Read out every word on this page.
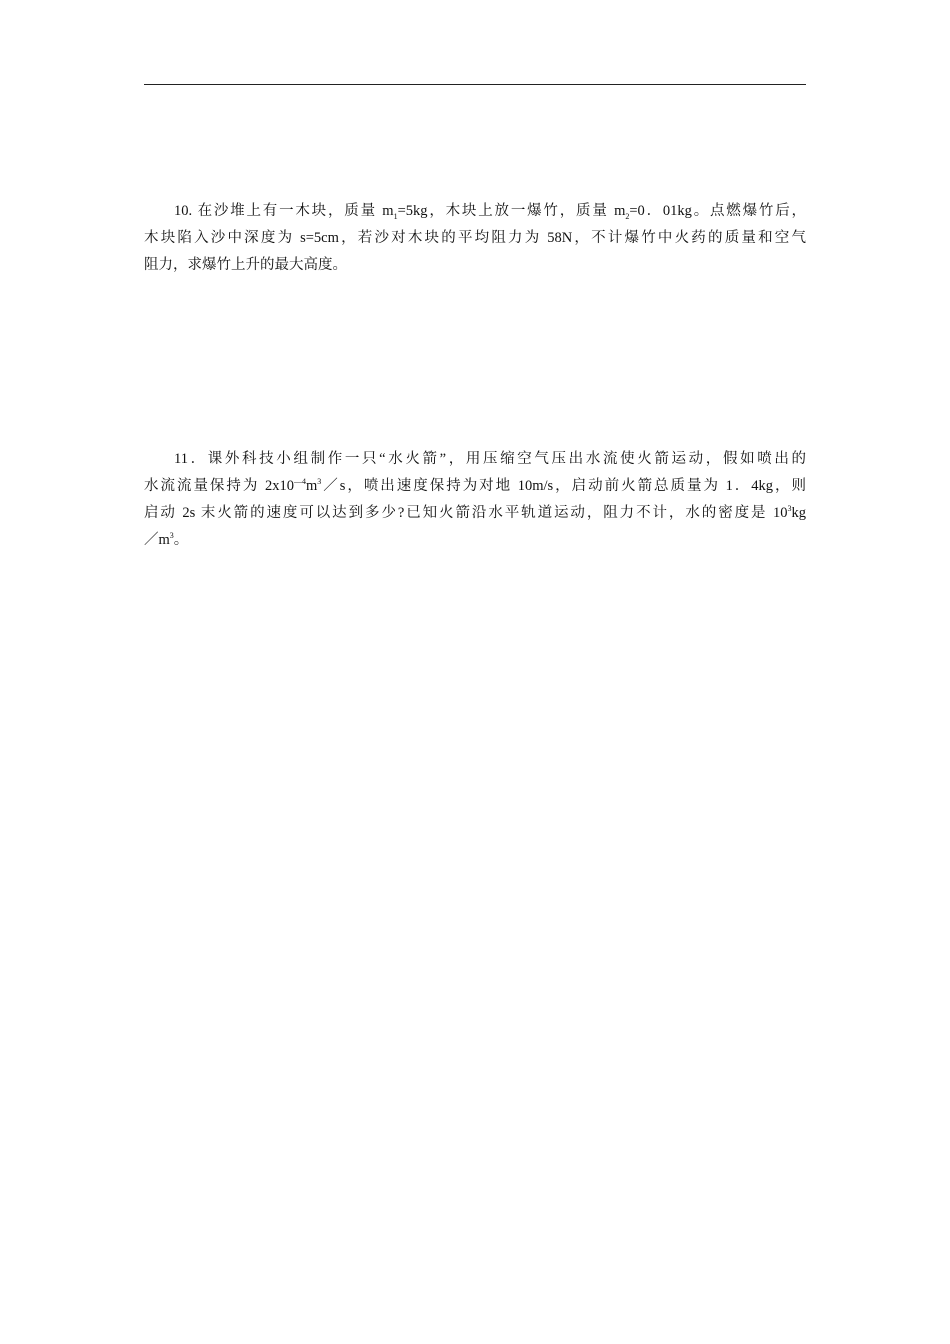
10. 在沙堆上有一木块，质量 $m_1=5kg$，木块上放一爆竹，质量 $m_2=0$．01kg。点燃爆竹后，
木块陷入沙中深度为 s=5cm，若沙对木块的平均阻力为 58N，不计爆竹中火药的质量和空气
阻力，求爆竹上升的最大高度。
11．课外科技小组制作一只“水火箭”，用压缩空气压出水流使火箭运动，假如喷出的
水流流量保持为 $2x10^{—4}m^3/s$，喷出速度保持为对地 10m/s，启动前火箭总质量为 1．4kg，则
启动 2s 末火箭的速度可以达到多少?已知火箭沿水平轨道运动，阻力不计，水的密度是 $10^3kg$
$/m^3$。
